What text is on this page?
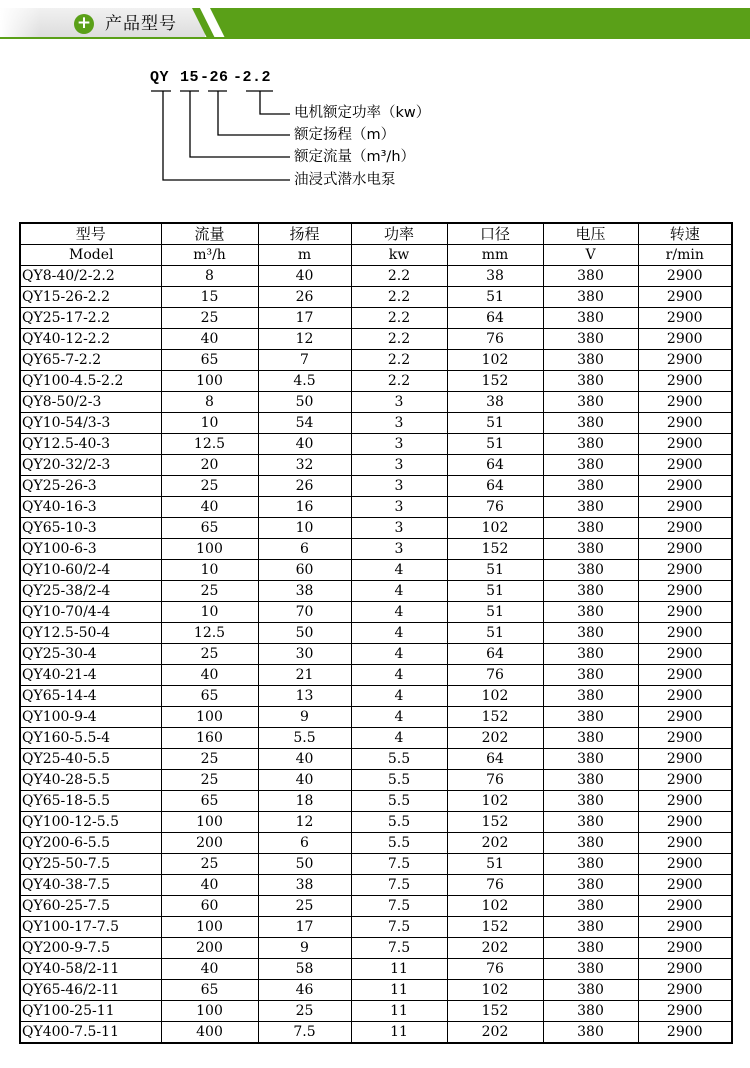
+ 产品型号
QY 15 -26 -2.2
电机额定功率（kw）
额定扬程（m）
额定流量（m³/h）
油浸式潜水电泵
型号	流量	扬程	功率	口径	电压	转速
Model	m³/h	m	kw	mm	V	r/min
QY8-40/2-2.2	8	40	2.2	38	380	2900
QY15-26-2.2	15	26	2.2	51	380	2900
QY25-17-2.2	25	17	2.2	64	380	2900
QY40-12-2.2	40	12	2.2	76	380	2900
QY65-7-2.2	65	7	2.2	102	380	2900
QY100-4.5-2.2	100	4.5	2.2	152	380	2900
QY8-50/2-3	8	50	3	38	380	2900
QY10-54/3-3	10	54	3	51	380	2900
QY12.5-40-3	12.5	40	3	51	380	2900
QY20-32/2-3	20	32	3	64	380	2900
QY25-26-3	25	26	3	64	380	2900
QY40-16-3	40	16	3	76	380	2900
QY65-10-3	65	10	3	102	380	2900
QY100-6-3	100	6	3	152	380	2900
QY10-60/2-4	10	60	4	51	380	2900
QY25-38/2-4	25	38	4	51	380	2900
QY10-70/4-4	10	70	4	51	380	2900
QY12.5-50-4	12.5	50	4	51	380	2900
QY25-30-4	25	30	4	64	380	2900
QY40-21-4	40	21	4	76	380	2900
QY65-14-4	65	13	4	102	380	2900
QY100-9-4	100	9	4	152	380	2900
QY160-5.5-4	160	5.5	4	202	380	2900
QY25-40-5.5	25	40	5.5	64	380	2900
QY40-28-5.5	25	40	5.5	76	380	2900
QY65-18-5.5	65	18	5.5	102	380	2900
QY100-12-5.5	100	12	5.5	152	380	2900
QY200-6-5.5	200	6	5.5	202	380	2900
QY25-50-7.5	25	50	7.5	51	380	2900
QY40-38-7.5	40	38	7.5	76	380	2900
QY60-25-7.5	60	25	7.5	102	380	2900
QY100-17-7.5	100	17	7.5	152	380	2900
QY200-9-7.5	200	9	7.5	202	380	2900
QY40-58/2-11	40	58	11	76	380	2900
QY65-46/2-11	65	46	11	102	380	2900
QY100-25-11	100	25	11	152	380	2900
QY400-7.5-11	400	7.5	11	202	380	2900
